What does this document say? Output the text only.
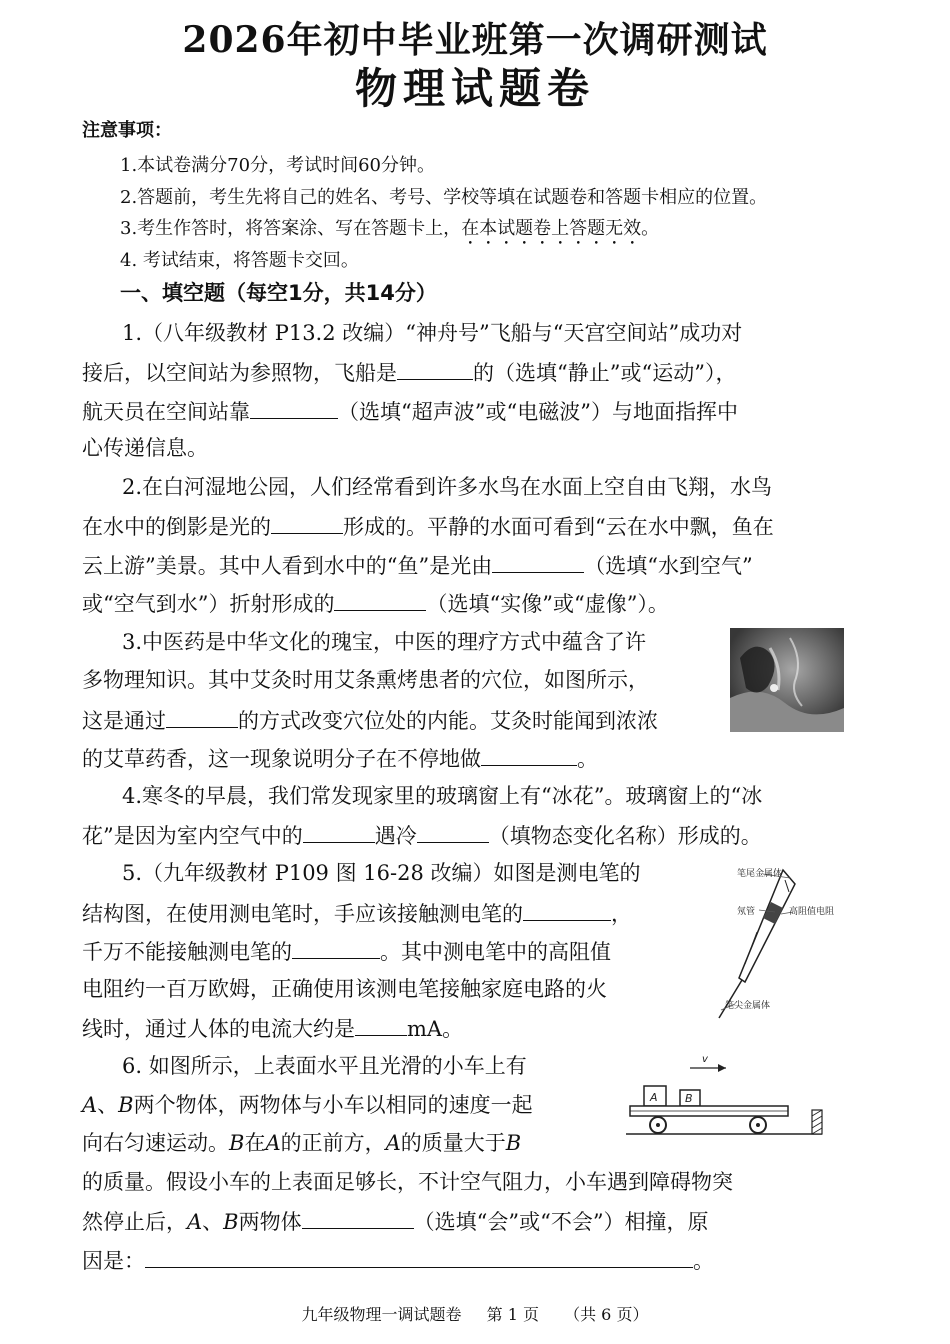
2026年初中毕业班第一次调研测试
物理试题卷
注意事项：
1.本试卷满分70分，考试时间60分钟。
2.答题前，考生先将自己的姓名、考号、学校等填在试题卷和答题卡相应的位置。
3.考生作答时，将答案涂、写在答题卡上，在本试题卷上答题无效。
4. 考试结束，将答题卡交回。
一、填空题（每空1分，共14分）
1.（八年级教材 P13.2 改编）“神舟号”飞船与“天宫空间站”成功对
接后，以空间站为参照物，飞船是	的（选填“静止”或“运动”），
航天员在空间站靠	（选填“超声波”或“电磁波”）与地面指挥中
心传递信息。
2.在白河湿地公园，人们经常看到许多水鸟在水面上空自由飞翔，水鸟
在水中的倒影是光的	形成的。平静的水面可看到“云在水中飘，鱼在
云上游”美景。其中人看到水中的“鱼”是光由	（选填“水到空气”
或“空气到水”）折射形成的	（选填“实像”或“虚像”）。
3.中医药是中华文化的瑰宝，中医的理疗方式中蕴含了许
多物理知识。其中艾灸时用艾条熏烤患者的穴位，如图所示，
这是通过	的方式改变穴位处的内能。艾灸时能闻到浓浓
的艾草药香，这一现象说明分子在不停地做	。
4.寒冬的早晨，我们常发现家里的玻璃窗上有“冰花”。玻璃窗上的“冰
花”是因为室内空气中的	遇冷	（填物态变化名称）形成的。
5.（九年级教材 P109 图 16-28 改编）如图是测电笔的
结构图，在使用测电笔时，手应该接触测电笔的	，
千万不能接触测电笔的	。其中测电笔中的高阻值
电阻约一百万欧姆，正确使用该测电笔接触家庭电路的火
线时，通过人体的电流大约是 mA。
笔尾金属体
氖管	高阻值电阻
笔尖金属体
6. 如图所示，上表面水平且光滑的小车上有
A、B两个物体，两物体与小车以相同的速度一起
向右匀速运动。B在A的正前方，A的质量大于B
的质量。假设小车的上表面足够长，不计空气阻力，小车遇到障碍物突
然停止后，A、B两物体	（选填“会”或“不会”）相撞，原
因是：	。
v
A B
九年级物理一调试题卷 第 1 页 （共 6 页）
